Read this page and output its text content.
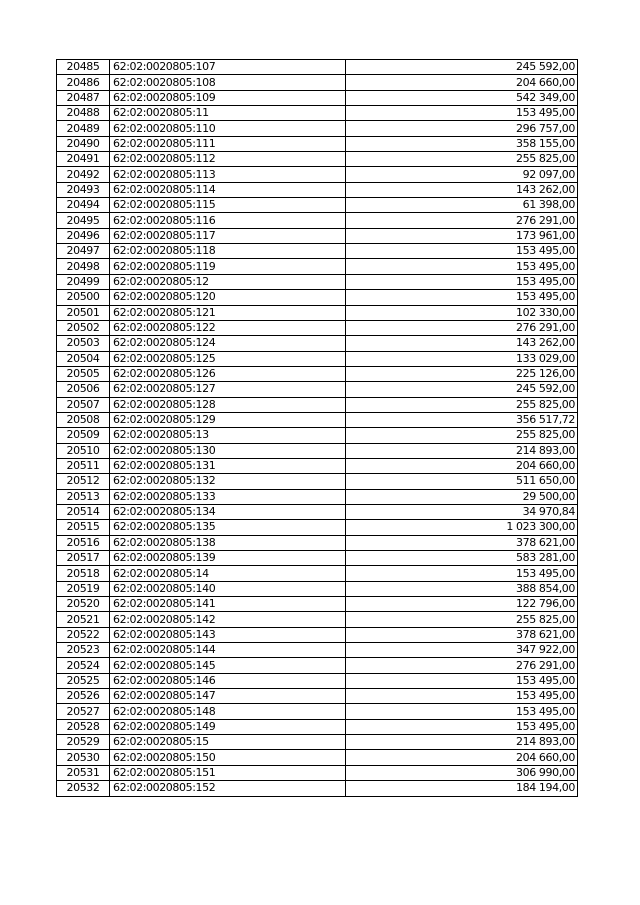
20485	62:02:0020805:107	245 592,00
20486	62:02:0020805:108	204 660,00
20487	62:02:0020805:109	542 349,00
20488	62:02:0020805:11	153 495,00
20489	62:02:0020805:110	296 757,00
20490	62:02:0020805:111	358 155,00
20491	62:02:0020805:112	255 825,00
20492	62:02:0020805:113	92 097,00
20493	62:02:0020805:114	143 262,00
20494	62:02:0020805:115	61 398,00
20495	62:02:0020805:116	276 291,00
20496	62:02:0020805:117	173 961,00
20497	62:02:0020805:118	153 495,00
20498	62:02:0020805:119	153 495,00
20499	62:02:0020805:12	153 495,00
20500	62:02:0020805:120	153 495,00
20501	62:02:0020805:121	102 330,00
20502	62:02:0020805:122	276 291,00
20503	62:02:0020805:124	143 262,00
20504	62:02:0020805:125	133 029,00
20505	62:02:0020805:126	225 126,00
20506	62:02:0020805:127	245 592,00
20507	62:02:0020805:128	255 825,00
20508	62:02:0020805:129	356 517,72
20509	62:02:0020805:13	255 825,00
20510	62:02:0020805:130	214 893,00
20511	62:02:0020805:131	204 660,00
20512	62:02:0020805:132	511 650,00
20513	62:02:0020805:133	29 500,00
20514	62:02:0020805:134	34 970,84
20515	62:02:0020805:135	1 023 300,00
20516	62:02:0020805:138	378 621,00
20517	62:02:0020805:139	583 281,00
20518	62:02:0020805:14	153 495,00
20519	62:02:0020805:140	388 854,00
20520	62:02:0020805:141	122 796,00
20521	62:02:0020805:142	255 825,00
20522	62:02:0020805:143	378 621,00
20523	62:02:0020805:144	347 922,00
20524	62:02:0020805:145	276 291,00
20525	62:02:0020805:146	153 495,00
20526	62:02:0020805:147	153 495,00
20527	62:02:0020805:148	153 495,00
20528	62:02:0020805:149	153 495,00
20529	62:02:0020805:15	214 893,00
20530	62:02:0020805:150	204 660,00
20531	62:02:0020805:151	306 990,00
20532	62:02:0020805:152	184 194,00
